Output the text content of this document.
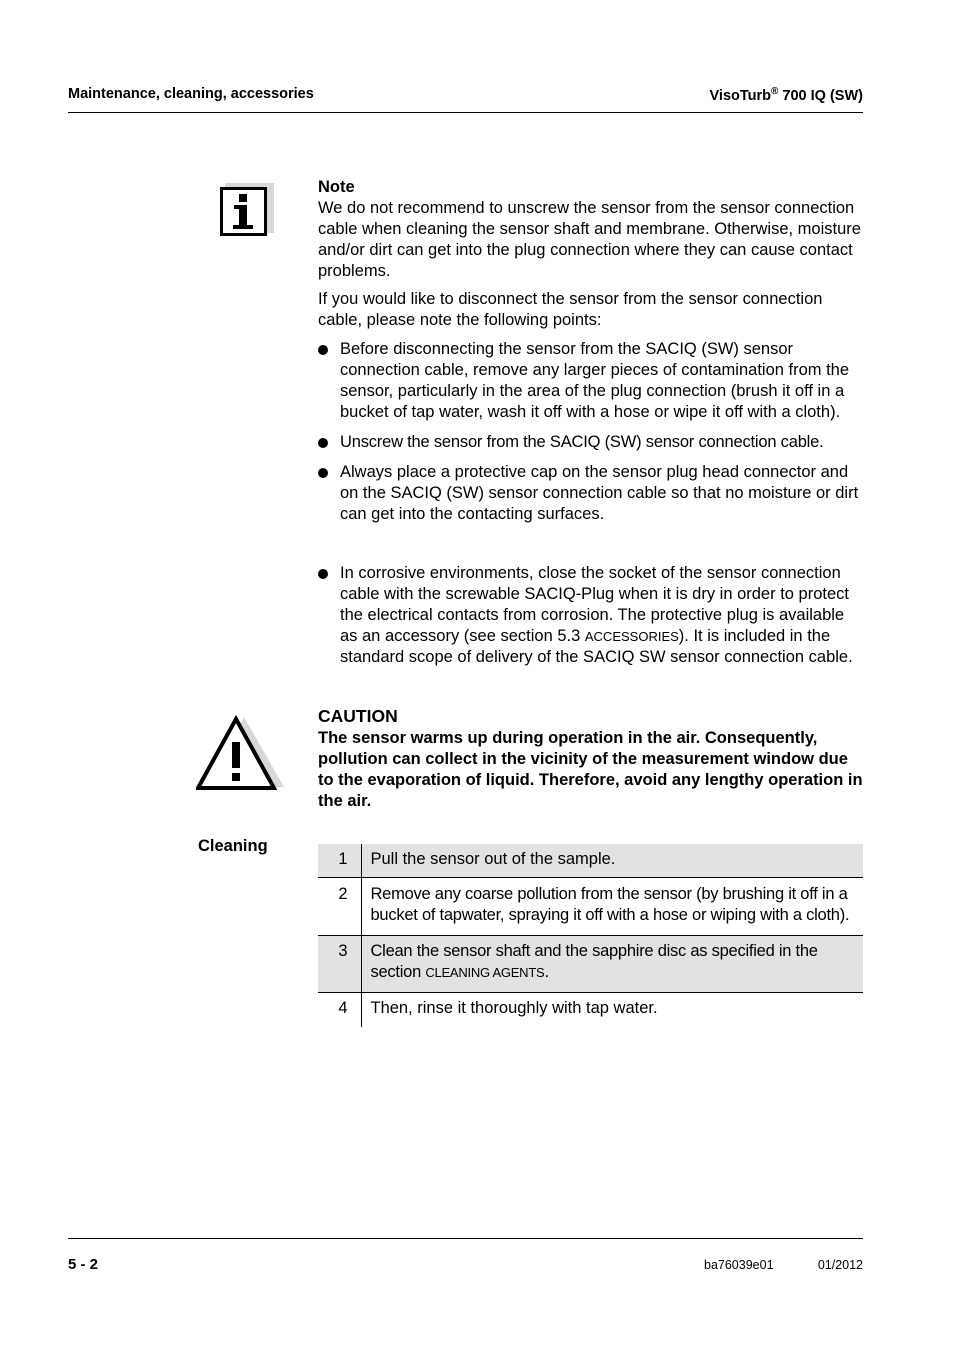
Maintenance, cleaning, accessories	VisoTurb® 700 IQ (SW)
Note
We do not recommend to unscrew the sensor from the sensor connection cable when cleaning the sensor shaft and membrane. Otherwise, moisture and/or dirt can get into the plug connection where they can cause contact problems.
If you would like to disconnect the sensor from the sensor connection cable, please note the following points:
Before disconnecting the sensor from the SACIQ (SW) sensor connection cable, remove any larger pieces of contamination from the sensor, particularly in the area of the plug connection (brush it off in a bucket of tap water, wash it off with a hose or wipe it off with a cloth).
Unscrew the sensor from the SACIQ (SW) sensor connection cable.
Always place a protective cap on the sensor plug head connector and on the SACIQ (SW) sensor connection cable so that no moisture or dirt can get into the contacting surfaces.
In corrosive environments, close the socket of the sensor connection cable with the screwable SACIQ-Plug when it is dry in order to protect the electrical contacts from corrosion. The protective plug is available as an accessory (see section 5.3 ACCESSORIES). It is included in the standard scope of delivery of the SACIQ SW sensor connection cable.
CAUTION
The sensor warms up during operation in the air. Consequently, pollution can collect in the vicinity of the measurement window due to the evaporation of liquid. Therefore, avoid any lengthy operation in the air.
Cleaning
1	Pull the sensor out of the sample.
2	Remove any coarse pollution from the sensor (by brushing it off in a bucket of tapwater, spraying it off with a hose or wiping with a cloth).
3	Clean the sensor shaft and the sapphire disc as specified in the section CLEANING AGENTS.
4	Then, rinse it thoroughly with tap water.
5 - 2	ba76039e01	01/2012
